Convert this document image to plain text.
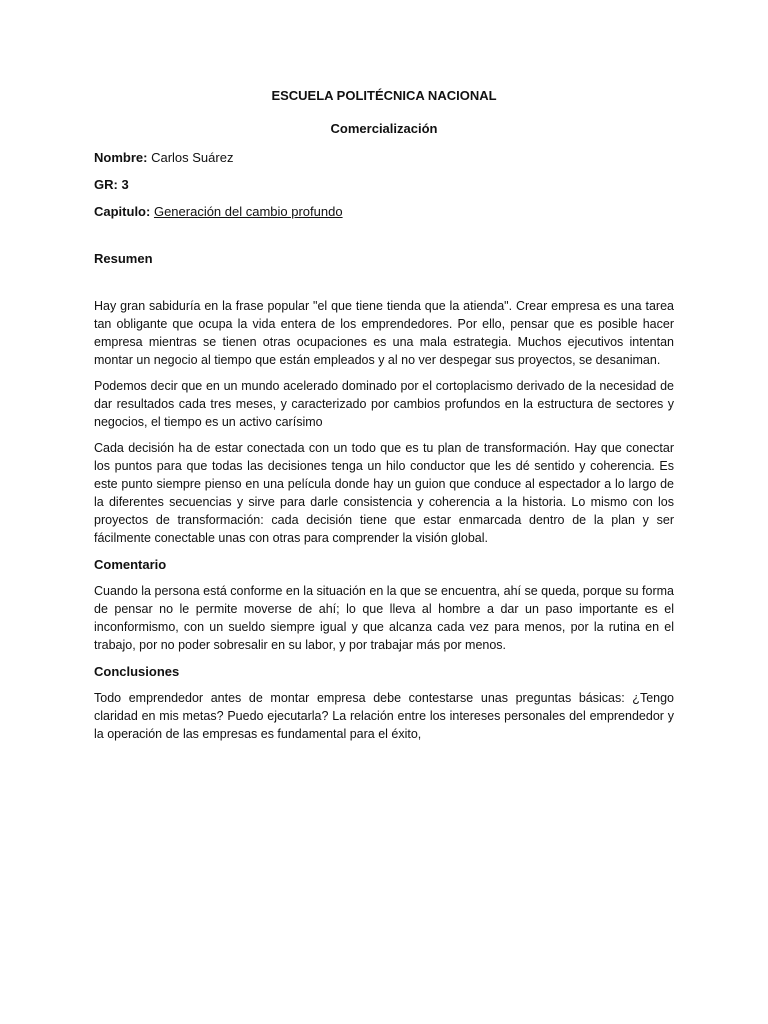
ESCUELA POLITÉCNICA NACIONAL

Comercialización

Nombre: Carlos Suárez

GR: 3

Capitulo: Generación del cambio profundo

Resumen

Hay gran sabiduría en la frase popular "el que tiene tienda que la atienda". Crear empresa es una tarea tan obligante que ocupa la vida entera de los emprendedores. Por ello, pensar que es posible hacer empresa mientras se tienen otras ocupaciones es una mala estrategia. Muchos ejecutivos intentan montar un negocio al tiempo que están empleados y al no ver despegar sus proyectos, se desaniman.

Podemos decir que en un mundo acelerado dominado por el cortoplacismo derivado de la necesidad de dar resultados cada tres meses, y caracterizado por cambios profundos en la estructura de sectores y negocios, el tiempo es un activo carísimo

Cada decisión ha de estar conectada con un todo que es tu plan de transformación. Hay que conectar los puntos para que todas las decisiones tenga un hilo conductor que les dé sentido y coherencia. Es este punto siempre pienso en una película donde hay un guion que conduce al espectador a lo largo de la diferentes secuencias y sirve para darle consistencia y coherencia a la historia. Lo mismo con los proyectos de transformación: cada decisión tiene que estar enmarcada dentro de la plan y ser fácilmente conectable unas con otras para comprender la visión global.

Comentario

Cuando la persona está conforme en la situación en la que se encuentra, ahí se queda, porque su forma de pensar no le permite moverse de ahí; lo que lleva al hombre a dar un paso importante es el inconformismo, con un sueldo siempre igual y que alcanza cada vez para menos, por la rutina en el trabajo, por no poder sobresalir en su labor, y por trabajar más por menos.

Conclusiones

Todo emprendedor antes de montar empresa debe contestarse unas preguntas básicas: ¿Tengo claridad en mis metas? Puedo ejecutarla? La relación entre los intereses personales del emprendedor y la operación de las empresas es fundamental para el éxito,
